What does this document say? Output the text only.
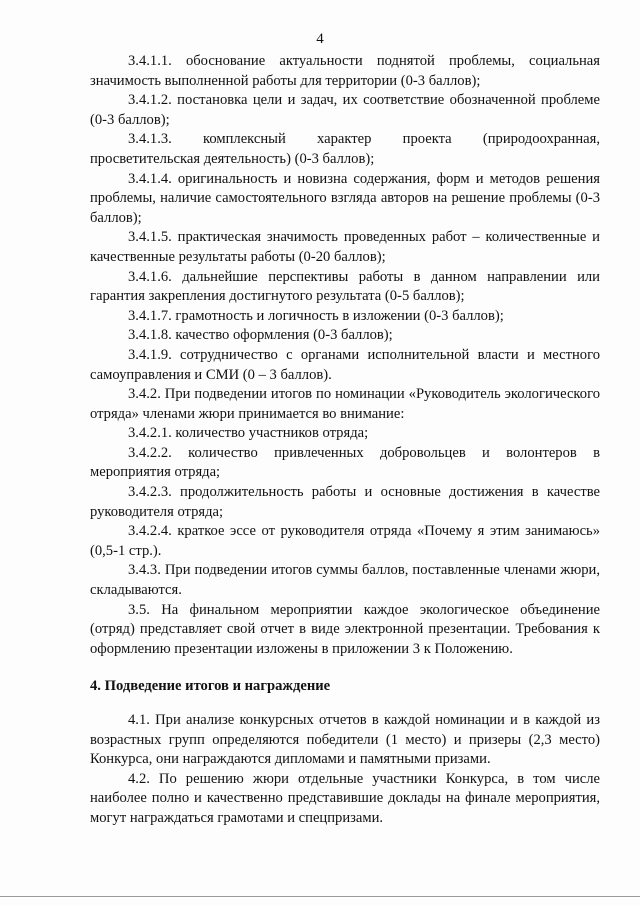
4

3.4.1.1. обоснование актуальности поднятой проблемы, социальная значимость выполненной работы для территории (0-3 баллов);

3.4.1.2. постановка цели и задач, их соответствие обозначенной проблеме (0-3 баллов);

3.4.1.3. комплексный характер проекта (природоохранная, просветительская деятельность) (0-3 баллов);

3.4.1.4. оригинальность и новизна содержания, форм и методов решения проблемы, наличие самостоятельного взгляда авторов на решение проблемы (0-3 баллов);

3.4.1.5. практическая значимость проведенных работ – количественные и качественные результаты работы (0-20 баллов);

3.4.1.6. дальнейшие перспективы работы в данном направлении или гарантия закрепления достигнутого результата (0-5 баллов);

3.4.1.7. грамотность и логичность в изложении (0-3 баллов);

3.4.1.8. качество оформления (0-3 баллов);

3.4.1.9. сотрудничество с органами исполнительной власти и местного самоуправления и СМИ (0 – 3 баллов).

3.4.2. При подведении итогов по номинации «Руководитель экологического отряда» членами жюри принимается во внимание:

3.4.2.1. количество участников отряда;

3.4.2.2. количество привлеченных добровольцев и волонтеров в мероприятия отряда;

3.4.2.3. продолжительность работы и основные достижения в качестве руководителя отряда;

3.4.2.4. краткое эссе от руководителя отряда «Почему я этим занимаюсь» (0,5-1 стр.).

3.4.3. При подведении итогов суммы баллов, поставленные членами жюри, складываются.

3.5. На финальном мероприятии каждое экологическое объединение (отряд) представляет свой отчет в виде электронной презентации. Требования к оформлению презентации изложены в приложении 3 к Положению.

4. Подведение итогов и награждение

4.1. При анализе конкурсных отчетов в каждой номинации и в каждой из возрастных групп определяются победители (1 место) и призеры (2,3 место) Конкурса, они награждаются дипломами и памятными призами.

4.2. По решению жюри отдельные участники Конкурса, в том числе наиболее полно и качественно представившие доклады на финале мероприятия, могут награждаться грамотами и спецпризами.
